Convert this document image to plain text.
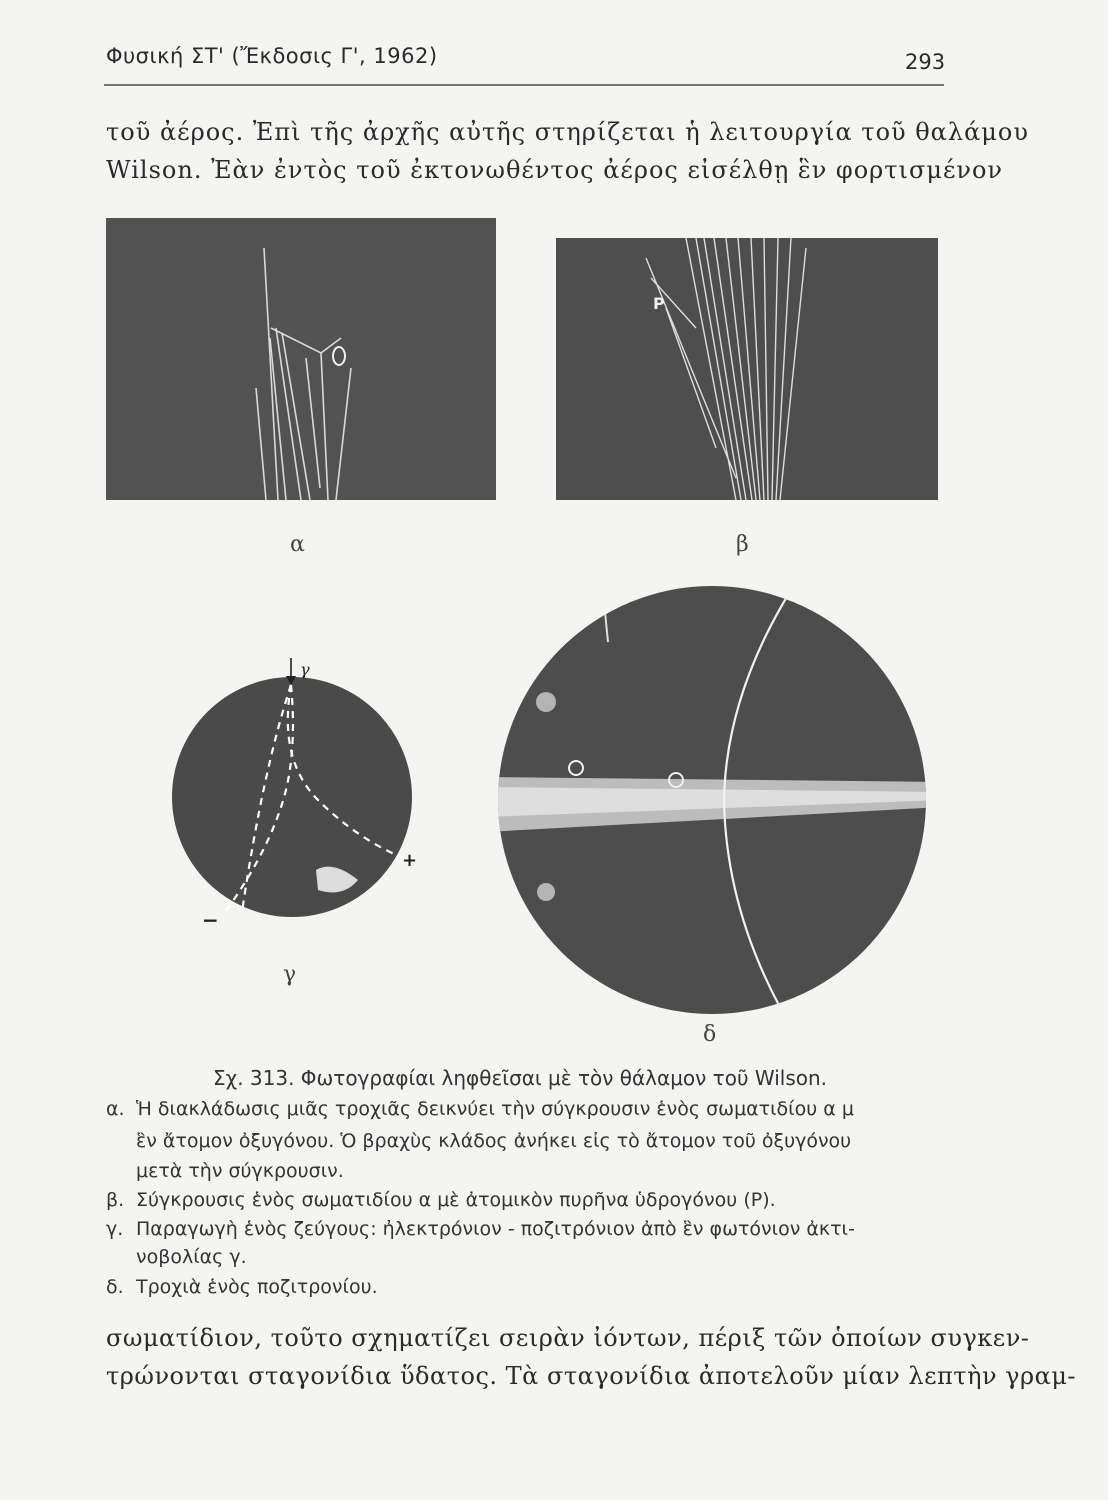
Φυσική ΣΤ' (Ἔκδοσις Γ', 1962)	293
τοῦ ἀέρος. Ἐπὶ τῆς ἀρχῆς αὐτῆς στηρίζεται ἡ λειτουργία τοῦ θαλάμου
Wilson. Ἐὰν ἐντὸς τοῦ ἐκτονωθέντος ἀέρος εἰσέλθῃ ἓν φορτισμένον
α
P
β
γ
+
−
γ
δ
Σχ. 313. Φωτογραφίαι ληφθεῖσαι μὲ τὸν θάλαμον τοῦ Wilson.
α. Ἡ διακλάδωσις μιᾶς τροχιᾶς δεικνύει τὴν σύγκρουσιν ἑνὸς σωματιδίου α μ
ἓν ἄτομον ὀξυγόνου. Ὁ βραχὺς κλάδος ἀνήκει εἰς τὸ ἄτομον τοῦ ὀξυγόνου
μετὰ τὴν σύγκρουσιν.
β. Σύγκρουσις ἑνὸς σωματιδίου α μὲ ἀτομικὸν πυρῆνα ὑδρογόνου (P).
γ. Παραγωγὴ ἑνὸς ζεύγους: ἠλεκτρόνιον - ποζιτρόνιον ἀπὸ ἓν φωτόνιον ἀκτι-
νοβολίας γ.
δ. Τροχιὰ ἑνὸς ποζιτρονίου.
σωματίδιον, τοῦτο σχηματίζει σειρὰν ἰόντων, πέριξ τῶν ὁποίων συγκεν-
τρώνονται σταγονίδια ὕδατος. Τὰ σταγονίδια ἀποτελοῦν μίαν λεπτὴν γραμ-
